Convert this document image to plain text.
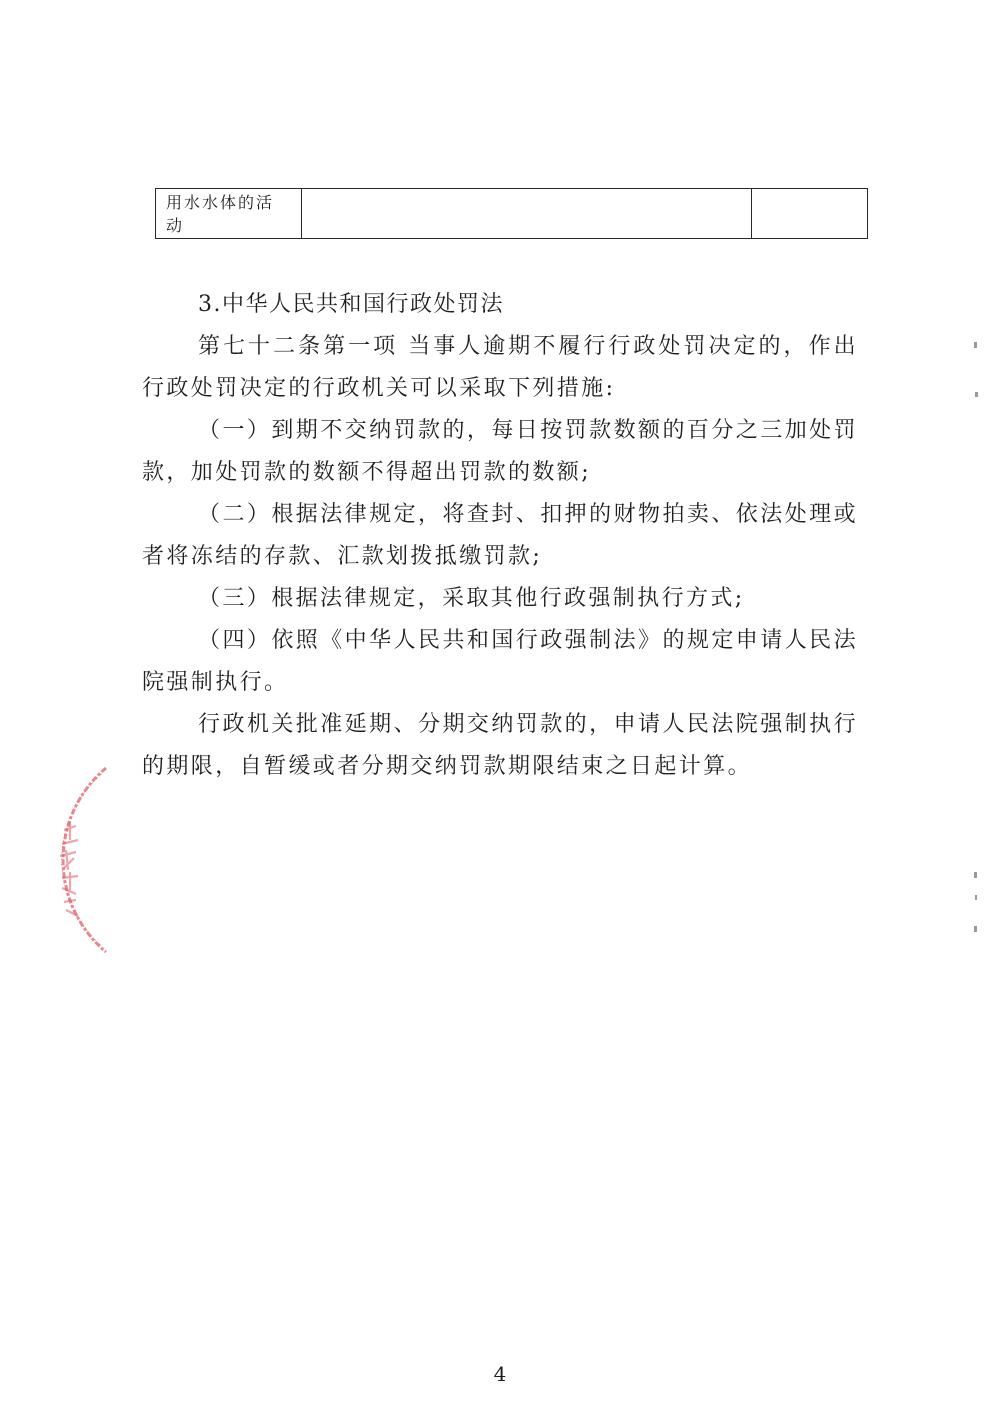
用水水体的活
动

3.中华人民共和国行政处罚法

第七十二条第一项 当事人逾期不履行行政处罚决定的，作出行政处罚决定的行政机关可以采取下列措施:

（一）到期不交纳罚款的，每日按罚款数额的百分之三加处罚款，加处罚款的数额不得超出罚款的数额;

（二）根据法律规定，将查封、扣押的财物拍卖、依法处理或者将冻结的存款、汇款划拨抵缴罚款;

（三）根据法律规定，采取其他行政强制执行方式;

（四）依照《中华人民共和国行政强制法》的规定申请人民法院强制执行。

行政机关批准延期、分期交纳罚款的，申请人民法院强制执行的期限，自暂缓或者分期交纳罚款期限结束之日起计算。

4
